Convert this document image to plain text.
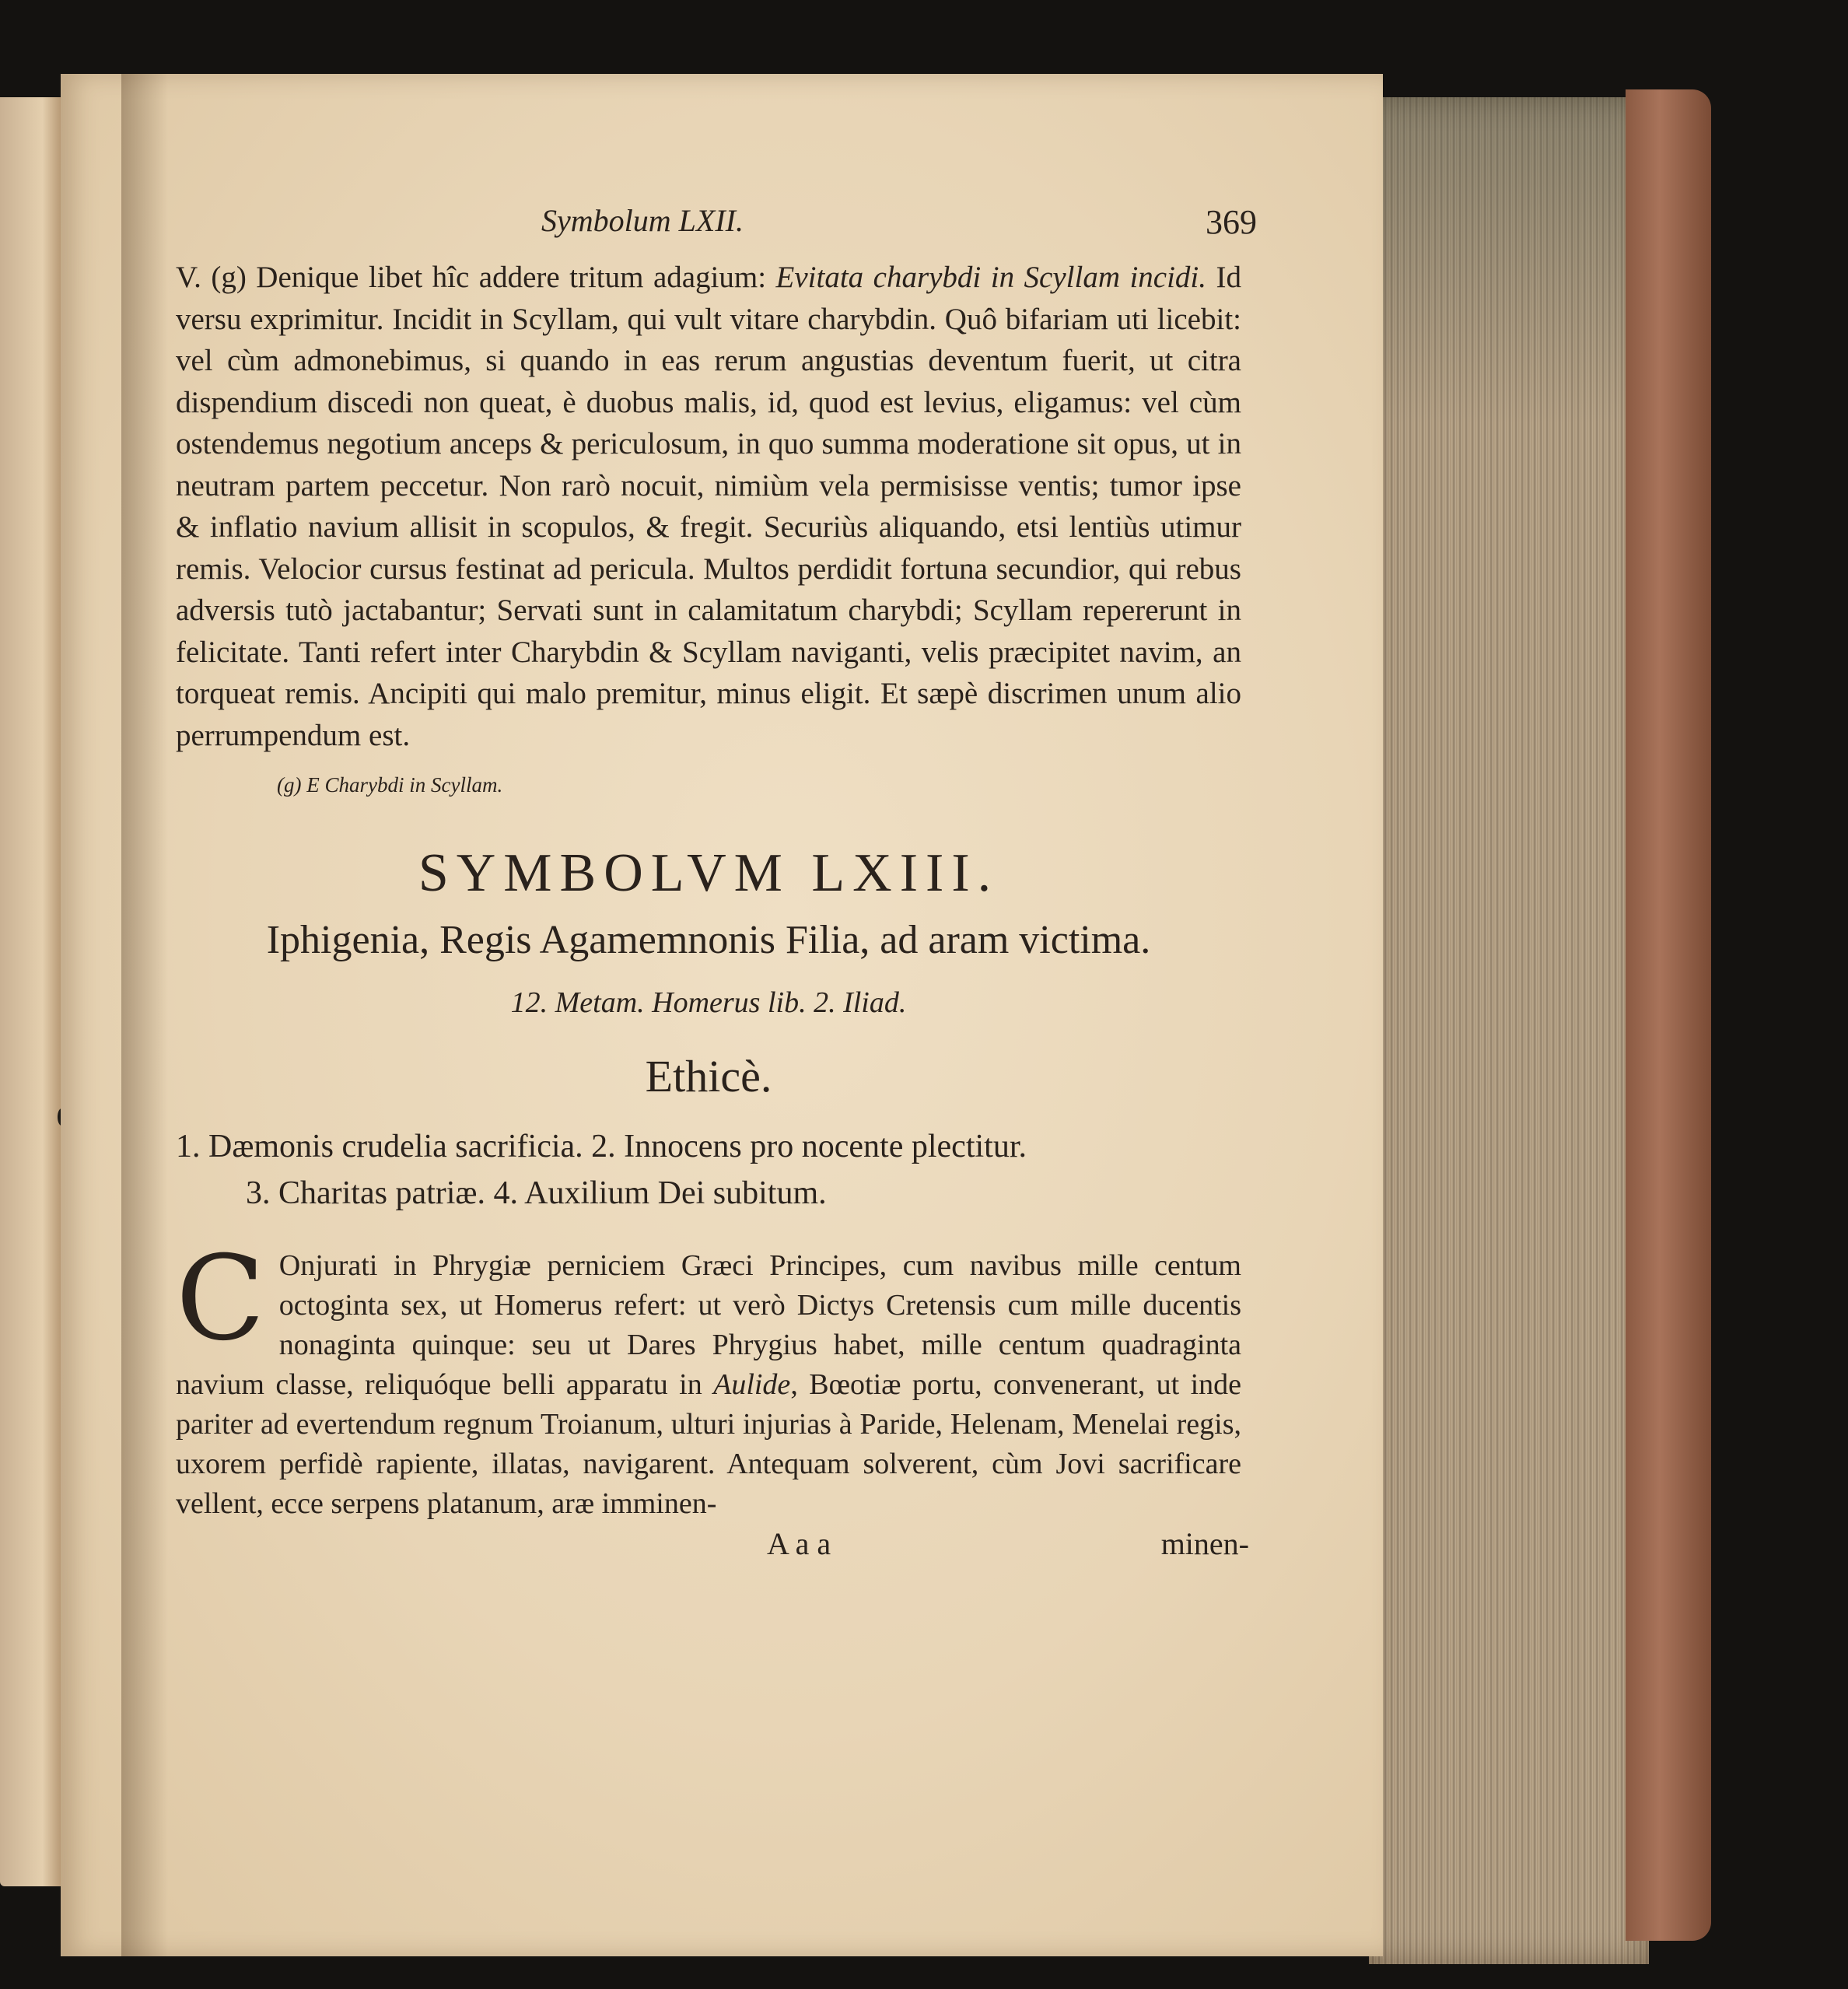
Symbolum LXII.	369

V. (g) Denique libet hîc addere tritum adagium: Evitata charybdi in Scyllam incidi. Id versu exprimitur. Incidit in Scyllam, qui vult vitare charybdin. Quô bifariam uti licebit: vel cùm admonebimus, si quando in eas rerum angustias deventum fuerit, ut citra dispendium discedi non queat, è duobus malis, id, quod est levius, eligamus: vel cùm ostendemus negotium anceps & periculosum, in quo summa moderatione sit opus, ut in neutram partem peccetur. Non rarò nocuit, nimiùm vela permisisse ventis; tumor ipse & inflatio navium allisit in scopulos, & fregit. Securiùs aliquando, etsi lentiùs utimur remis. Velocior cursus festinat ad pericula. Multos perdidit fortuna secundior, qui rebus adversis tutò jactabantur; Servati sunt in calamitatum charybdi; Scyllam repererunt in felicitate. Tanti refert inter Charybdin & Scyllam naviganti, velis præcipitet navim, an torqueat remis. Ancipiti qui malo premitur, minus eligit. Et sæpè discrimen unum alio perrumpendum est.

(g) E Charybdi in Scyllam.
SYMBOLVM LXIII.
Iphigenia, Regis Agamemnonis Filia, ad aram victima.
12. Metam. Homerus lib. 2. Iliad.
Ethicè.
1. Dæmonis crudelia sacrificia. 2. Innocens pro nocente plectitur.
3. Charitas patriæ. 4. Auxilium Dei subitum.

C Onjurati in Phrygiæ perniciem Græci Principes, cum navibus mille centum octoginta sex, ut Homerus refert: ut verò Dictys Cretensis cum mille ducentis nonaginta quinque: seu ut Dares Phrygius habet, mille centum quadraginta navium classe, reliquóque belli apparatu in Aulide, Bœotiæ portu, convenerant, ut inde pariter ad evertendum regnum Troianum, ulturi injurias à Paride, Helenam, Menelai regis, uxorem perfidè rapiente, illatas, navigarent. Antequam solverent, cùm Jovi sacrificare vellent, ecce serpens platanum, aræ imminen-

A a a	minen-
